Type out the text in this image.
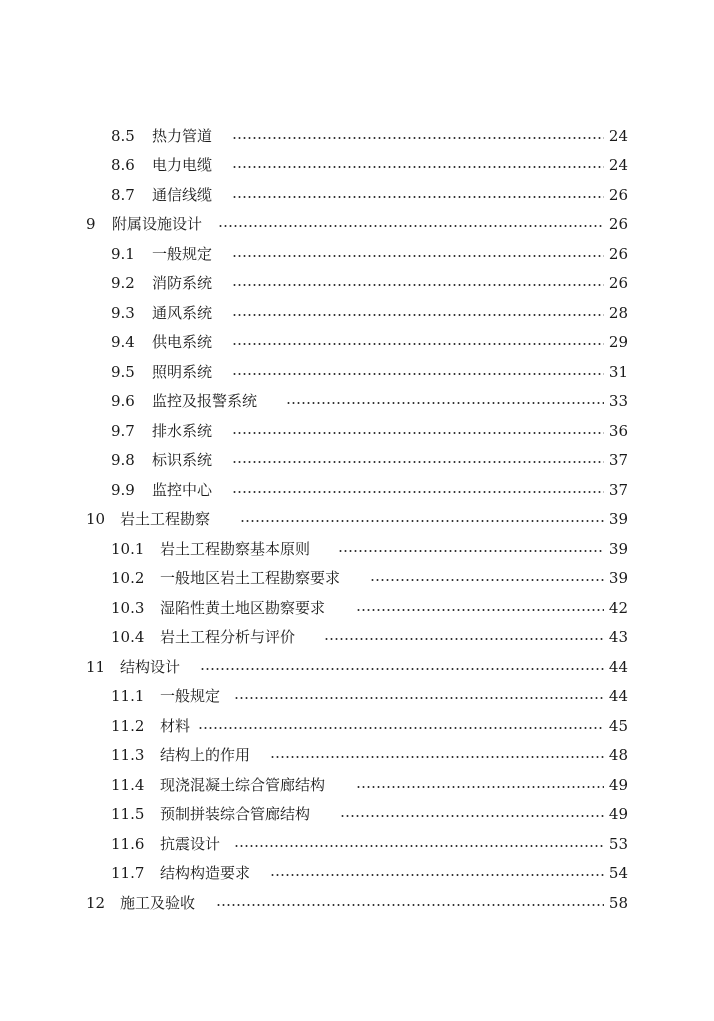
8.5 热力管道	24
8.6 电力电缆	24
8.7 通信线缆	26
9 附属设施设计	26
9.1 一般规定	26
9.2 消防系统	26
9.3 通风系统	28
9.4 供电系统	29
9.5 照明系统	31
9.6 监控及报警系统	33
9.7 排水系统	36
9.8 标识系统	37
9.9 监控中心	37
10 岩土工程勘察	39
10.1 岩土工程勘察基本原则	39
10.2 一般地区岩土工程勘察要求	39
10.3 湿陷性黄土地区勘察要求	42
10.4 岩土工程分析与评价	43
11 结构设计	44
11.1 一般规定	44
11.2 材料	45
11.3 结构上的作用	48
11.4 现浇混凝土综合管廊结构	49
11.5 预制拼装综合管廊结构	49
11.6 抗震设计	53
11.7 结构构造要求	54
12 施工及验收	58
